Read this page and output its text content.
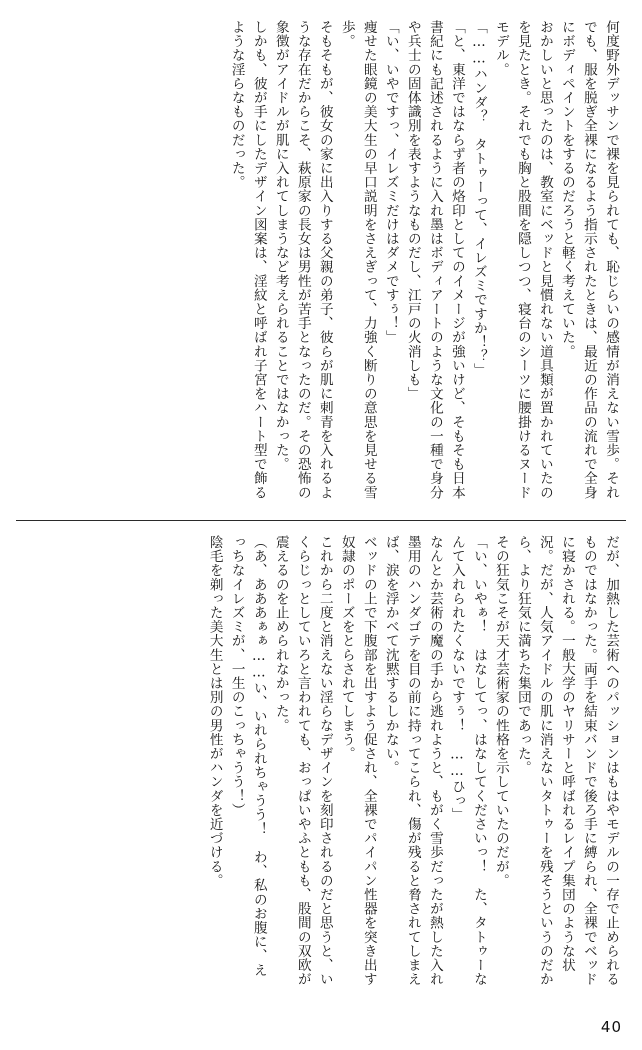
何度野外デッサンで裸を見られても、恥じらいの感情が消えない雪歩。それでも、服を脱ぎ全裸になるよう指示されたときは、最近の作品の流れで全身にボディペイントをするのだろうと軽く考えていた。

おかしいと思ったのは、教室にベッドと見慣れない道具類が置かれていたのを見たとき。それでも胸と股間を隠しつつ、寝台のシーツに腰掛けるヌードモデル。

「……ハンダ？　タトゥーって、イレズミですか！？」

「と、東洋ではならず者の烙印としてのイメージが強いけど、そもそも日本書紀にも記述されるように入れ墨はボディアートのような文化の一種で身分や兵士の固体識別を表すようなものだし、江戸の火消しも」

「い、いやですっ、イレズミだけはダメですぅ！」

痩せた眼鏡の美大生の早口説明をさえぎって、力強く断りの意思を見せる雪歩。

そもそもが、彼女の家に出入りする父親の弟子、彼らが肌に刺青を入れるような存在だからこそ、萩原家の長女は男性が苦手となったのだ。その恐怖の象徴がアイドルが肌に入れてしまうなど考えられることではなかった。

しかも、彼が手にしたデザイン図案は、淫紋と呼ばれ子宮をハート型で飾るような淫らなものだった。

だが、加熱した芸術へのパッションはもはやモデルの一存で止められるものではなかった。両手を結束バンドで後ろ手に縛られ、全裸でベッドに寝かされる。一般大学のヤリサーと呼ばれるレイプ集団のような状況。だが、人気アイドルの肌に消えないタトゥーを残そうというのだから、より狂気に満ちた集団であった。

その狂気こそが天才芸術家の性格を示していたのだが。

「い、いやぁ！　はなしてっ、はなしてくださいっ！　た、タトゥーなんて入れられたくないですぅ！　……ひっ」

なんとか芸術の魔の手から逃れようと、もがく雪歩だったが熱した入れ墨用のハンダゴテを目の前に持ってこられ、傷が残ると脅されてしまえば、涙を浮かべて沈黙するしかない。

ベッドの上で下腹部を出すよう促され、全裸でパイパン性器を突き出す奴隷のポーズをとらされてしまう。

これから二度と消えない淫らなデザインを刻印されるのだと思うと、いくらじっとしていろと言われても、おっぱいやふともも、股間の双欧が震えるのを止められなかった。

（あ、あああぁぁ……い、いれられちゃうう！　わ、私のお腹に、えっちなイレズミが、一生のこっちゃうう！）

陰毛を剃った美大生とは別の男性がハンダを近づける。

40
